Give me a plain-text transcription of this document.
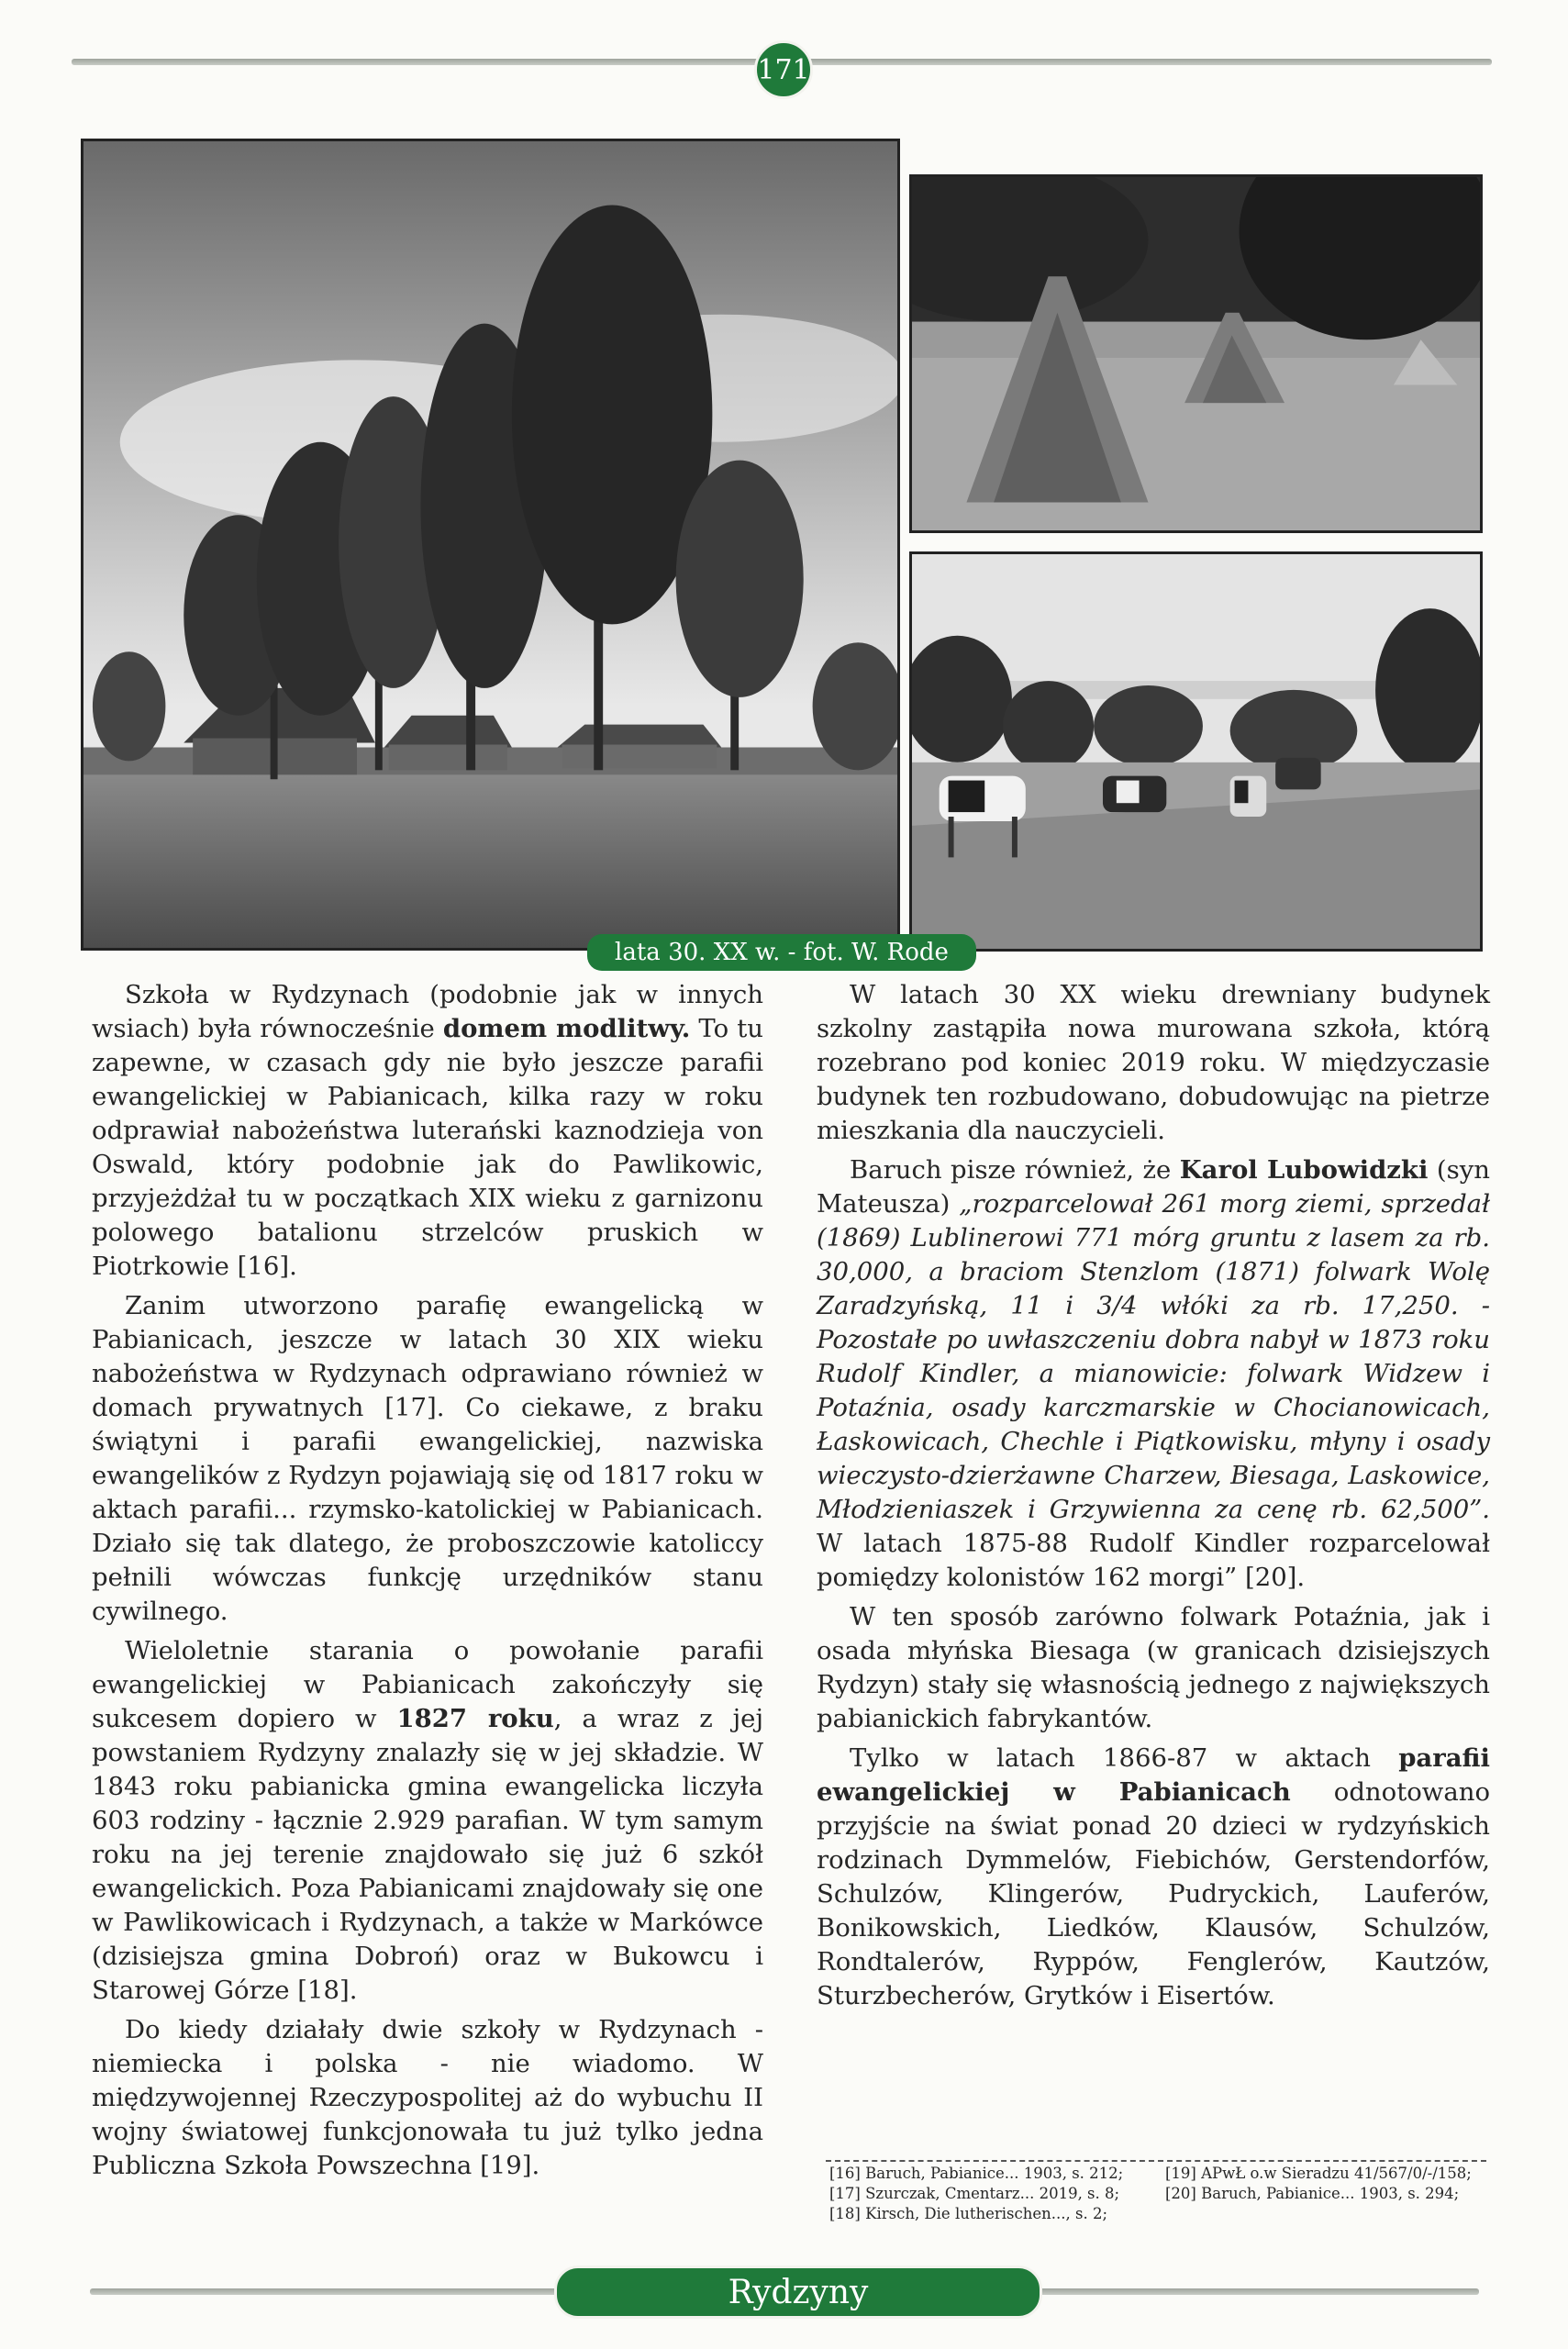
171
lata 30. XX w. - fot. W. Rode

Szkoła w Rydzynach (podobnie jak w innych wsiach) była równocześnie domem modlitwy. To tu zapewne, w czasach gdy nie było jeszcze parafii ewangelickiej w Pabianicach, kilka razy w roku odprawiał nabożeństwa luterański kaznodzieja von Oswald, który podobnie jak do Pawlikowic, przyjeżdżał tu w początkach XIX wieku z garnizonu polowego batalionu strzelców pruskich w Piotrkowie [16].

Zanim utworzono parafię ewangelicką w Pabianicach, jeszcze w latach 30 XIX wieku nabożeństwa w Rydzynach odprawiano również w domach prywatnych [17]. Co ciekawe, z braku świątyni i parafii ewangelickiej, nazwiska ewangelików z Rydzyn pojawiają się od 1817 roku w aktach parafii... rzymsko-katolickiej w Pabianicach. Działo się tak dlatego, że proboszczowie katoliccy pełnili wówczas funkcję urzędników stanu cywilnego.

Wieloletnie starania o powołanie parafii ewangelickiej w Pabianicach zakończyły się sukcesem dopiero w 1827 roku, a wraz z jej powstaniem Rydzyny znalazły się w jej składzie. W 1843 roku pabianicka gmina ewangelicka liczyła 603 rodziny - łącznie 2.929 parafian. W tym samym roku na jej terenie znajdowało się już 6 szkół ewangelickich. Poza Pabianicami znajdowały się one w Pawlikowicach i Rydzynach, a także w Markówce (dzisiejsza gmina Dobroń) oraz w Bukowcu i Starowej Górze [18].

Do kiedy działały dwie szkoły w Rydzynach - niemiecka i polska - nie wiadomo. W międzywojennej Rzeczypospolitej aż do wybuchu II wojny światowej funkcjonowała tu już tylko jedna Publiczna Szkoła Powszechna [19].

W latach 30 XX wieku drewniany budynek szkolny zastąpiła nowa murowana szkoła, którą rozebrano pod koniec 2019 roku. W międzyczasie budynek ten rozbudowano, dobudowując na pietrze mieszkania dla nauczycieli.

Baruch pisze również, że Karol Lubowidzki (syn Mateusza) „rozparcelował 261 morg ziemi, sprzedał (1869) Lublinerowi 771 mórg gruntu z lasem za rb. 30,000, a braciom Stenzlom (1871) folwark Wolę Zaradzyńską, 11 i 3/4 włóki za rb. 17,250. - Pozostałe po uwłaszczeniu dobra nabył w 1873 roku Rudolf Kindler, a mianowicie: folwark Widzew i Potaźnia, osady karczmarskie w Chocianowicach, Łaskowicach, Chechle i Piątkowisku, młyny i osady wieczysto-dzierżawne Charzew, Biesaga, Laskowice, Młodzieniaszek i Grzywienna za cenę rb. 62,500”. W latach 1875-88 Rudolf Kindler rozparcelował pomiędzy kolonistów 162 morgi” [20].

W ten sposób zarówno folwark Potaźnia, jak i osada młyńska Biesaga (w granicach dzisiejszych Rydzyn) stały się własnością jednego z największych pabianickich fabrykantów.

Tylko w latach 1866-87 w aktach parafii ewangelickiej w Pabianicach odnotowano przyjście na świat ponad 20 dzieci w rydzyńskich rodzinach Dymmelów, Fiebichów, Gerstendorfów, Schulzów, Klingerów, Pudryckich, Lauferów, Bonikowskich, Liedków, Klausów, Schulzów, Rondtalerów, Ryppów, Fenglerów, Kautzów, Sturzbecherów, Grytków i Eisertów.

[16] Baruch, Pabianice... 1903, s. 212;	[19] APwŁ o.w Sieradzu 41/567/0/-/158;
[17] Szurczak, Cmentarz... 2019, s. 8;	[20] Baruch, Pabianice... 1903, s. 294;
[18] Kirsch, Die lutherischen..., s. 2;
Rydzyny
